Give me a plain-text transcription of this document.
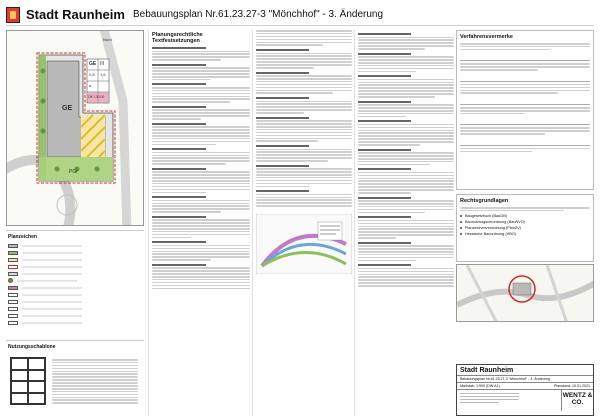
Stadt Raunheim Bebauungsplan Nr.61.23.27-3 "Mönchhof" - 3. Änderung
Nord
GE
PGr
GE III
0,8 1,6
a
OK 130,00
Planzeichen
Nutzungsschablone
Planungsrechtliche Textfestsetzungen
Verfahrensvermerke
Rechtsgrundlagen
Baugesetzbuch (BauGB)
Baunutzungsverordnung (BauNVO)
Planzeichenverordnung (PlanZV)
Hessische Bauordnung (HBO)
Stadt Raunheim
Bebauungsplan Nr.61.23.27-3 "Mönchhof" - 3. Änderung
Maßstab: 1:500 (DIN A1)	Planstand: 15.01.2021
WENTZ & CO.
